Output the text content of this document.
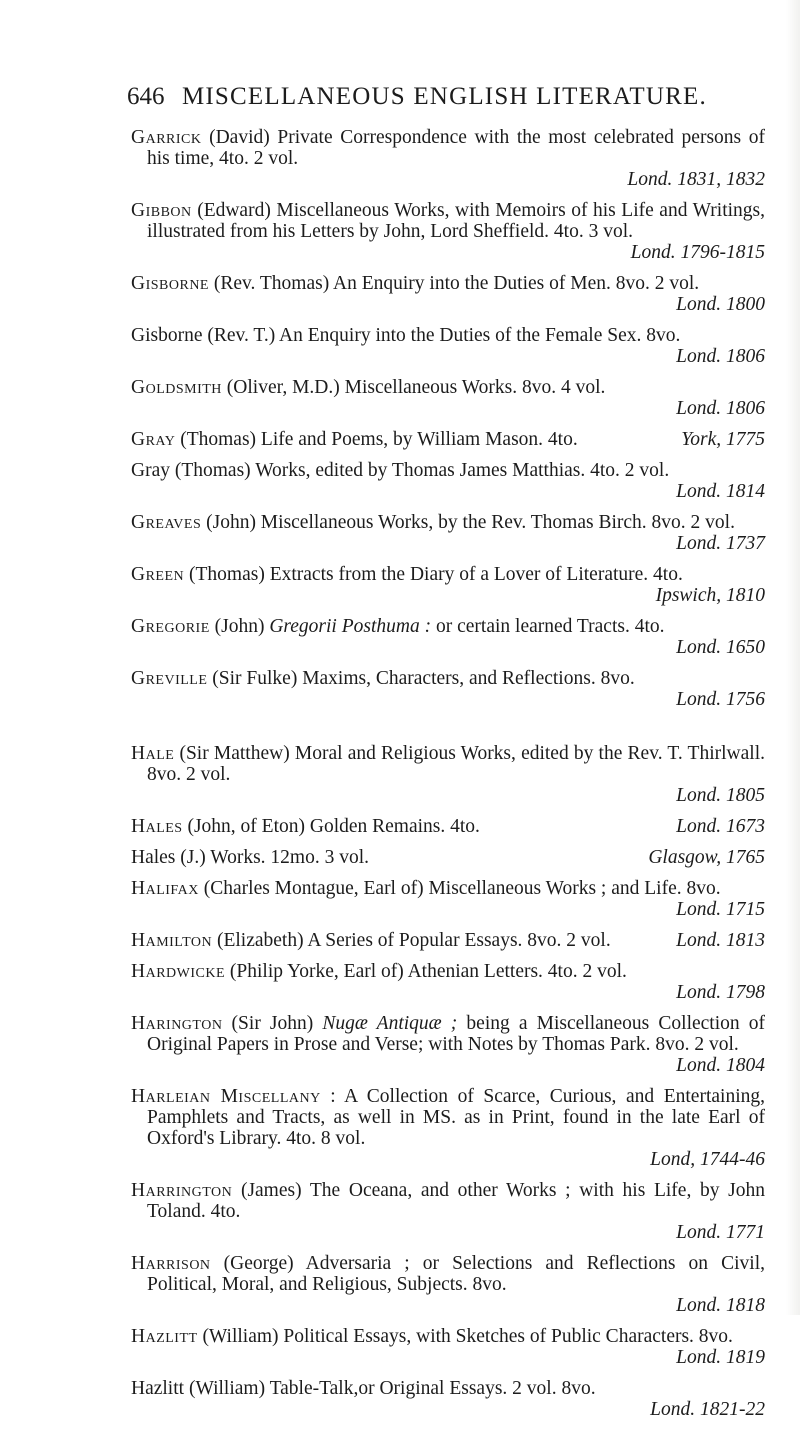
646 MISCELLANEOUS ENGLISH LITERATURE.
Garrick (David) Private Correspondence with the most celebrated persons of his time, 4to. 2 vol.
Lond. 1831, 1832
Gibbon (Edward) Miscellaneous Works, with Memoirs of his Life and Writings, illustrated from his Letters by John, Lord Sheffield. 4to. 3 vol.
Lond. 1796-1815
Gisborne (Rev. Thomas) An Enquiry into the Duties of Men. 8vo. 2 vol.
Lond. 1800
Gisborne (Rev. T.) An Enquiry into the Duties of the Female Sex. 8vo.
Lond. 1806
Goldsmith (Oliver, M.D.) Miscellaneous Works. 8vo. 4 vol.
Lond. 1806
Gray (Thomas) Life and Poems, by William Mason. 4to.	York, 1775
Gray (Thomas) Works, edited by Thomas James Matthias. 4to. 2 vol.
Lond. 1814
Greaves (John) Miscellaneous Works, by the Rev. Thomas Birch. 8vo. 2 vol.
Lond. 1737
Green (Thomas) Extracts from the Diary of a Lover of Literature. 4to.
Ipswich, 1810
Gregorie (John) Gregorii Posthuma : or certain learned Tracts. 4to.
Lond. 1650
Greville (Sir Fulke) Maxims, Characters, and Reflections. 8vo.
Lond. 1756
Hale (Sir Matthew) Moral and Religious Works, edited by the Rev. T. Thirlwall. 8vo. 2 vol.
Lond. 1805
Hales (John, of Eton) Golden Remains. 4to.	Lond. 1673
Hales (J.) Works. 12mo. 3 vol.	Glasgow, 1765
Halifax (Charles Montague, Earl of) Miscellaneous Works ; and Life. 8vo.
Lond. 1715
Hamilton (Elizabeth) A Series of Popular Essays. 8vo. 2 vol.	Lond. 1813
Hardwicke (Philip Yorke, Earl of) Athenian Letters. 4to. 2 vol.
Lond. 1798
Harington (Sir John) Nugæ Antiquæ ; being a Miscellaneous Collection of Original Papers in Prose and Verse; with Notes by Thomas Park. 8vo. 2 vol.
Lond. 1804
Harleian Miscellany : A Collection of Scarce, Curious, and Entertaining, Pamphlets and Tracts, as well in MS. as in Print, found in the late Earl of Oxford's Library. 4to. 8 vol.
Lond, 1744-46
Harrington (James) The Oceana, and other Works ; with his Life, by John Toland. 4to.
Lond. 1771
Harrison (George) Adversaria ; or Selections and Reflections on Civil, Political, Moral, and Religious, Subjects. 8vo.
Lond. 1818
Hazlitt (William) Political Essays, with Sketches of Public Characters. 8vo.
Lond. 1819
Hazlitt (William) Table-Talk,or Original Essays. 2 vol. 8vo.
Lond. 1821-22
